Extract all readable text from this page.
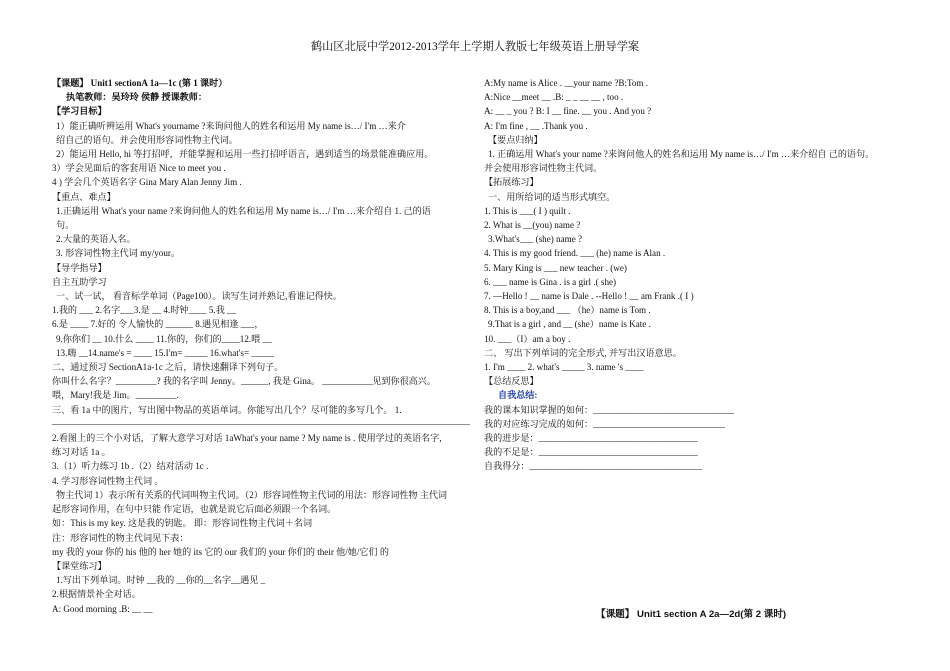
鹤山区北辰中学2012-2013学年上学期人教版七年级英语上册导学案
【课题】 Unit1 sectionA 1a—1c (第 1 课时）
执笔教师：吴玲玲 侯静 授课教师：
【学习目标】
1）能正确听辨运用 What's yourname ?来询问他人的姓名和运用 My name is…/ I'm …来介
绍自己的语句。并会使用形容词性物主代词。
2）能运用 Hello, hi 等打招呼，并能掌握和运用一些打招呼语言，遇到适当的场景能准确应用。
3）学会见面后的客套用语 Nice to meet you .
4 ) 学会几个英语名字 Gina Mary Alan Jenny Jim .
【重点、难点】
1.正确运用 What's your name ?来询问他人的姓名和运用 My name is…/ I'm …来介绍自 1. 己的语
句。
2.大量的英语人名。
3. 形容词性物主代词 my/your。
【导学指导】
自主互助学习
一、试一试， 看音标学单词（Page100）。读写生词并熟记,看谁记得快。
1.我的 ___ 2.名字___3.是 __ 4.时钟____ 5.我 __
6.是 ____ 7.好的 令人愉快的 ______ 8.遇见相逢 ___，
9.你你们 __ 10.什么 ____ 11.你的，你们的____12.喂 __
13.嗨 __14.name's = ____ 15.I'm= _____ 16.what's= _____
二、通过预习 SectionA1a-1c 之后，请快速翻译下列句子。
你叫什么名字？_________? 我的名字叫 Jenny。______, 我是 Gina。 ___________见到你很高兴。
喂，Mary!我是 Jim。_________.
三、看 1a 中的图片，写出图中物品的英语单词。你能写出几个？尽可能的多写几个。 1.
——————————————————————————————————————————————
2.看图上的三个小对话，了解大意学习对话 1aWhat's your name ? My name is . 使用学过的英语名字,
练习对话 1a 。
3.（1）听力练习 1b .（2）结对活动 1c .
4. 学习形容词性物主代词 。
物主代词 1）表示所有关系的代词叫物主代词。（2）形容词性物主代词的用法：形容词性物 主代词
起形容词作用，在句中只能 作定语，也就是说它后面必须跟一个名词。
如：This is my key. 这是我的钥匙。 即：形容词性物主代词＋名词
注：形容词性的物主代词见下表：
my 我的 your 你的 his 他的 her 她的 its 它的 our 我们的 your 你们的 their 他/她/它们 的
【课堂练习】
1.写出下列单词。时钟 __我的 __你的__名字__遇见 _
2.根据情景补全对话。
A: Good morning .B: __ __
A:My name is Alice . __your name ?B:Tom .
A:Nice __meet __ .B: _ _ __ __ , too .
A: __ _ you ? B: I __ fine. __ you . And you ?
A: I'm fine , __ .Thank you .
【要点归纳】
1. 正确运用 What's your name ?来询问他人的姓名和运用 My name is…/ I'm …来介绍自 己的语句。
并会使用形容词性物主代词。
【拓展练习】
一、用所给词的适当形式填空。
1. This is ___( I ) quilt .
2. What is __(you) name ?
3.What's___ (she) name ?
4. This is my good friend. ___ (he) name is Alan .
5. Mary King is ___ new teacher . (we)
6. ___ name is Gina . is a girl .( she)
7. —Hello ! __ name is Dale . --Hello ! __ am Frank .( I )
8. This is a boy,and ___ （he）name is Tom .
9.That is a girl , and __ (she）name is Kate .
10. ___（I）am a boy .
二、 写出下列单词的完全形式, 并写出汉语意思。
1. I'm ____ 2. what's _____ 3. name 's ____
【总结反思】
自我总结:
我的课本知识掌握的如何：_______________________________
我的对应练习完成的如何：_____________________________
我的进步是：___________________________________
我的不足是：___________________________________
自我得分：______________________________________
【课题】 Unit1 section A 2a—2d(第 2 课时)
